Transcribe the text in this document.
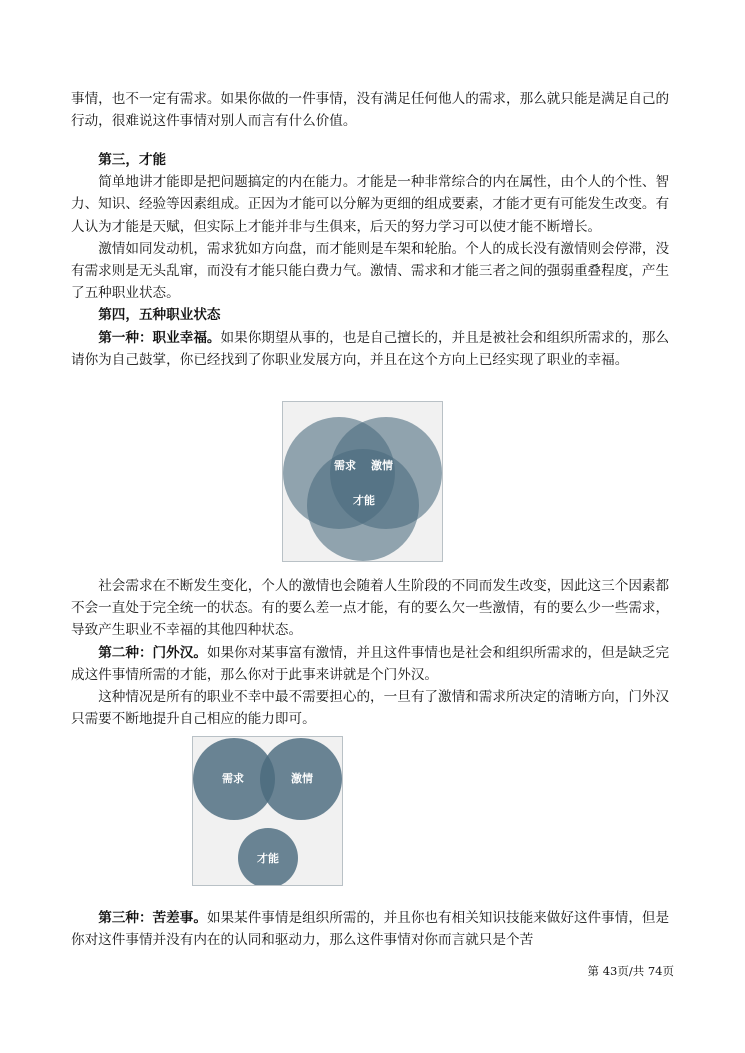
事情，也不一定有需求。如果你做的一件事情，没有满足任何他人的需求，那么就只能是满足自己的行动，很难说这件事情对别人而言有什么价值。

第三，才能

简单地讲才能即是把问题搞定的内在能力。才能是一种非常综合的内在属性，由个人的个性、智力、知识、经验等因素组成。正因为才能可以分解为更细的组成要素，才能才更有可能发生改变。有人认为才能是天赋，但实际上才能并非与生俱来，后天的努力学习可以使才能不断增长。

激情如同发动机，需求犹如方向盘，而才能则是车架和轮胎。个人的成长没有激情则会停滞，没有需求则是无头乱窜，而没有才能只能白费力气。激情、需求和才能三者之间的强弱重叠程度，产生了五种职业状态。

第四，五种职业状态

第一种：职业幸福。如果你期望从事的，也是自己擅长的，并且是被社会和组织所需求的，那么请你为自己鼓掌，你已经找到了你职业发展方向，并且在这个方向上已经实现了职业的幸福。

需求 激情
才能

社会需求在不断发生变化，个人的激情也会随着人生阶段的不同而发生改变，因此这三个因素都不会一直处于完全统一的状态。有的要么差一点才能，有的要么欠一些激情，有的要么少一些需求，导致产生职业不幸福的其他四种状态。

第二种：门外汉。如果你对某事富有激情，并且这件事情也是社会和组织所需求的，但是缺乏完成这件事情所需的才能，那么你对于此事来讲就是个门外汉。

这种情况是所有的职业不幸中最不需要担心的，一旦有了激情和需求所决定的清晰方向，门外汉只需要不断地提升自己相应的能力即可。

需求	激情
才能

第三种：苦差事。如果某件事情是组织所需的，并且你也有相关知识技能来做好这件事情，但是你对这件事情并没有内在的认同和驱动力，那么这件事情对你而言就只是个苦

第 43页/共 74页
